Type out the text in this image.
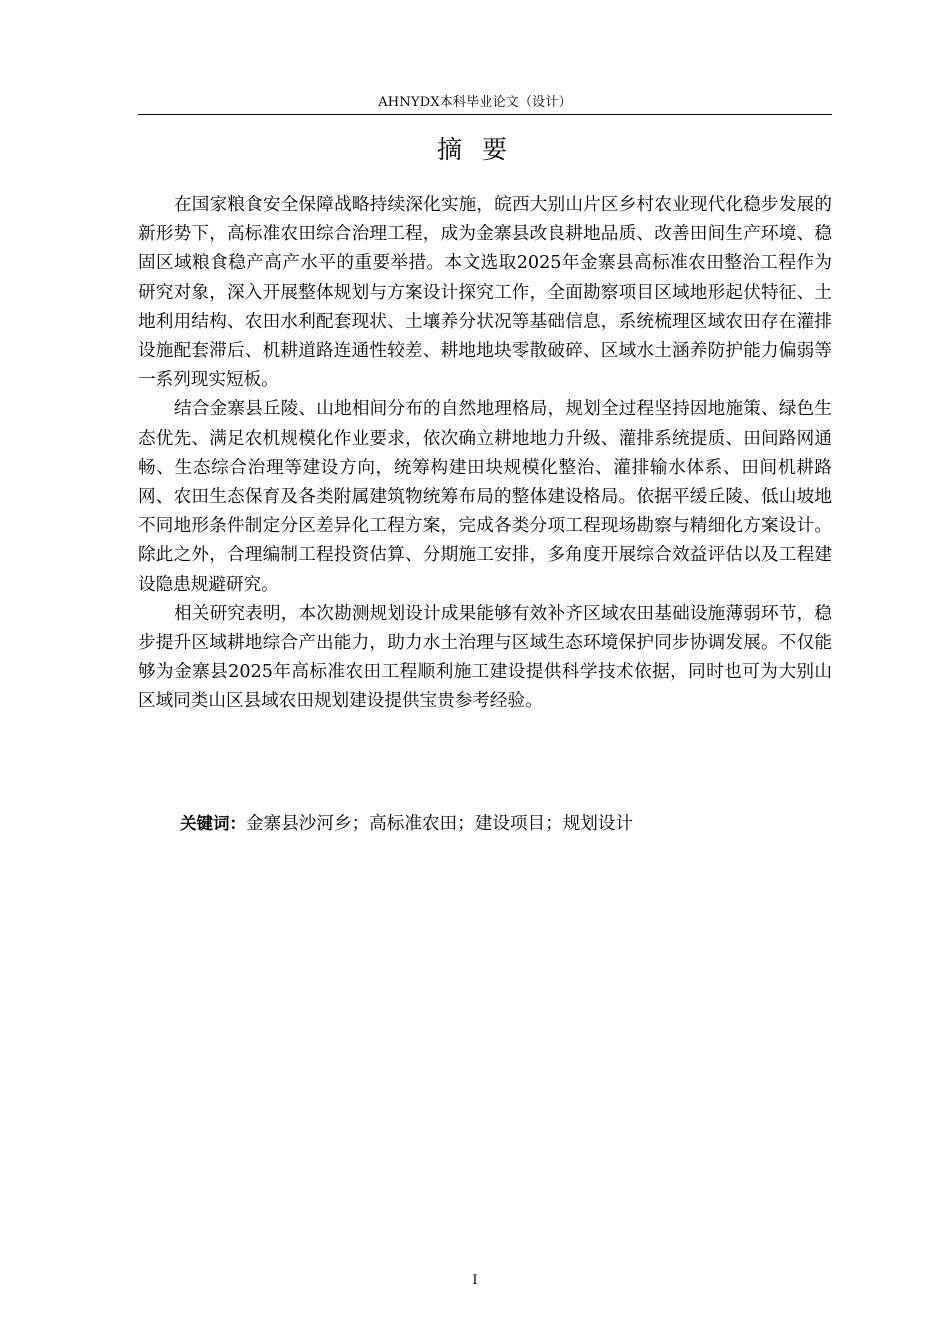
AHNYDX本科毕业论文（设计）
摘 要

在国家粮食安全保障战略持续深化实施，皖西大别山片区乡村农业现代化稳步发展的新形势下，高标准农田综合治理工程，成为金寨县改良耕地品质、改善田间生产环境、稳固区域粮食稳产高产水平的重要举措。本文选取2025年金寨县高标准农田整治工程作为研究对象，深入开展整体规划与方案设计探究工作，全面勘察项目区域地形起伏特征、土地利用结构、农田水利配套现状、土壤养分状况等基础信息，系统梳理区域农田存在灌排设施配套滞后、机耕道路连通性较差、耕地地块零散破碎、区域水土涵养防护能力偏弱等一系列现实短板。

结合金寨县丘陵、山地相间分布的自然地理格局，规划全过程坚持因地施策、绿色生态优先、满足农机规模化作业要求，依次确立耕地地力升级、灌排系统提质、田间路网通畅、生态综合治理等建设方向，统筹构建田块规模化整治、灌排输水体系、田间机耕路网、农田生态保育及各类附属建筑物统筹布局的整体建设格局。依据平缓丘陵、低山坡地不同地形条件制定分区差异化工程方案，完成各类分项工程现场勘察与精细化方案设计。除此之外，合理编制工程投资估算、分期施工安排，多角度开展综合效益评估以及工程建设隐患规避研究。

相关研究表明，本次勘测规划设计成果能够有效补齐区域农田基础设施薄弱环节，稳步提升区域耕地综合产出能力，助力水土治理与区域生态环境保护同步协调发展。不仅能够为金寨县2025年高标准农田工程顺利施工建设提供科学技术依据，同时也可为大别山区域同类山区县域农田规划建设提供宝贵参考经验。

关键词：金寨县沙河乡；高标准农田；建设项目；规划设计
I
